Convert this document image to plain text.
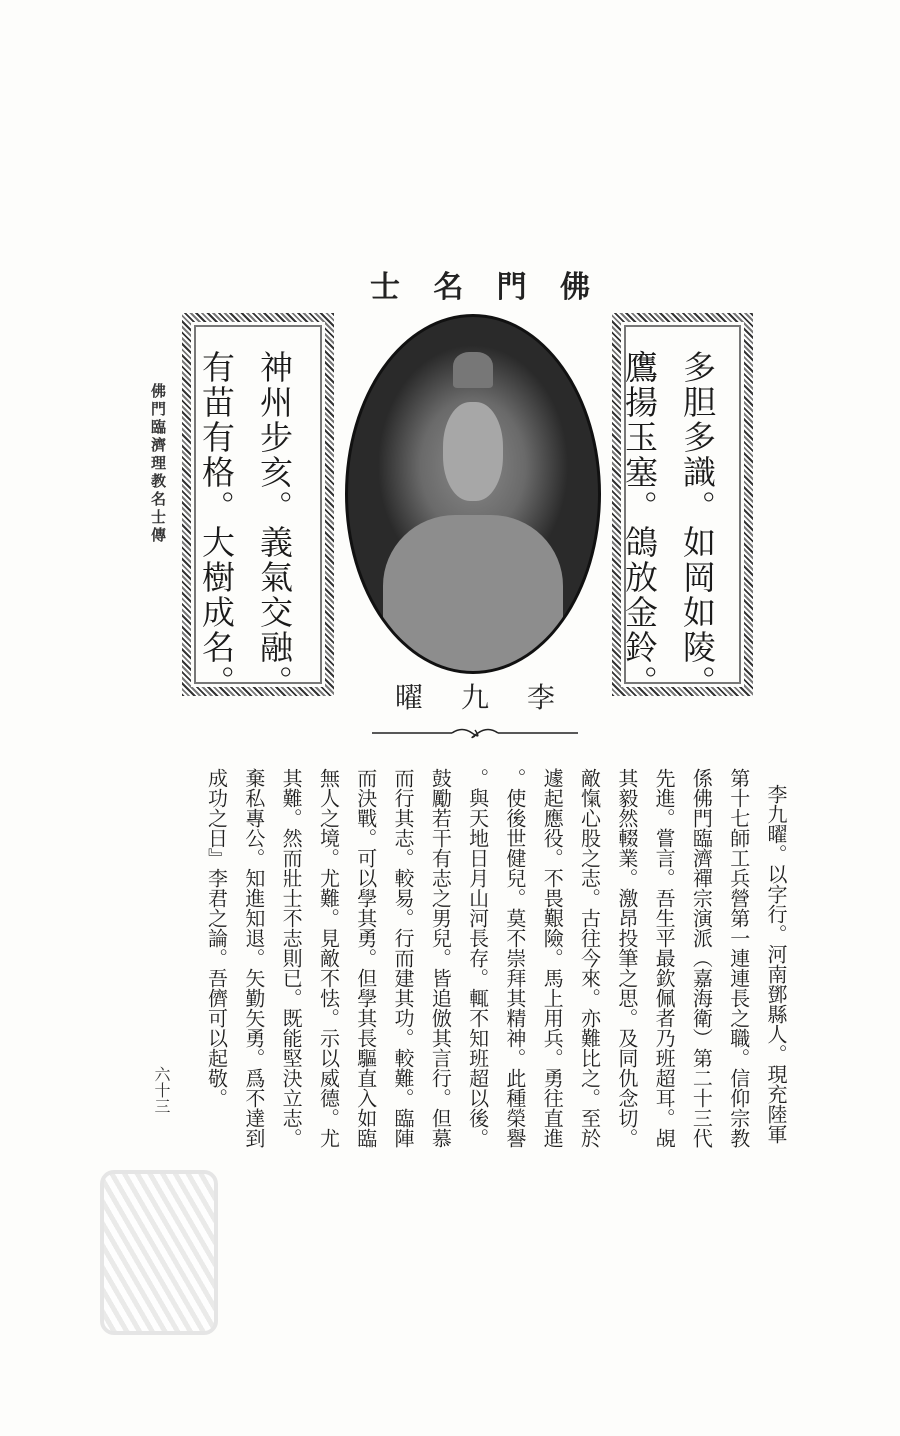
佛
門
名
士
佛門臨濟理教名士傳	神州步亥。義氣交融。
有苗有格。大樹成名。	多胆多識。如岡如陵。
鷹揚玉塞。鴿放金鈴。
李
九
曜
李九曜。以字行。河南鄧縣人。現充陸軍
第十七師工兵營第一連連長之職。信仰宗教
係佛門臨濟禪宗演派（嘉海衛）第二十三代
先進。嘗言。吾生平最欽佩者乃班超耳。覘
其毅然輟業。激昂投筆之思。及同仇念切。
敵愾心股之志。古往今來。亦難比之。至於
遽起應役。不畏艱險。馬上用兵。勇往直進
。使後世健兒。莫不崇拜其精神。此種榮譽
。與天地日月山河長存。輒不知班超以後。
鼓勵若干有志之男兒。皆追倣其言行。但慕
而行其志。較易。行而建其功。較難。臨陣
而決戰。可以學其勇。但學其長驅直入如臨
無人之境。尤難。見敵不怯。示以威德。尤
其難。然而壯士不志則已。既能堅決立志。
棄私專公。知進知退。矢勤矢勇。爲不達到
成功之日』李君之論。吾儕可以起敬。
六十三
